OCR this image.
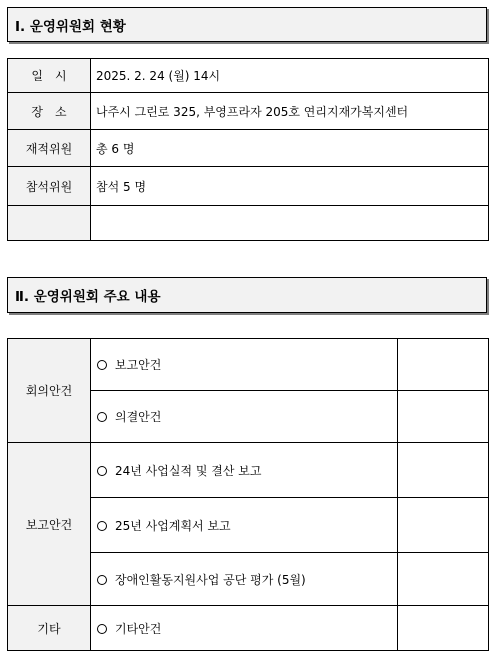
Ⅰ. 운영위원회 현황
일　시	2025. 2. 24 (월) 14시
장　소	나주시 그린로 325, 부영프라자 205호 연리지재가복지센터
재적위원	총 6 명
참석위원	참석 5 명

Ⅱ. 운영위원회 주요 내용
회의안건	보고안건	
	의결안건	
보고안건	24년 사업실적 및 결산 보고	
	25년 사업계획서 보고	
	장애인활동지원사업 공단 평가 (5월)	
기타	기타안건	
